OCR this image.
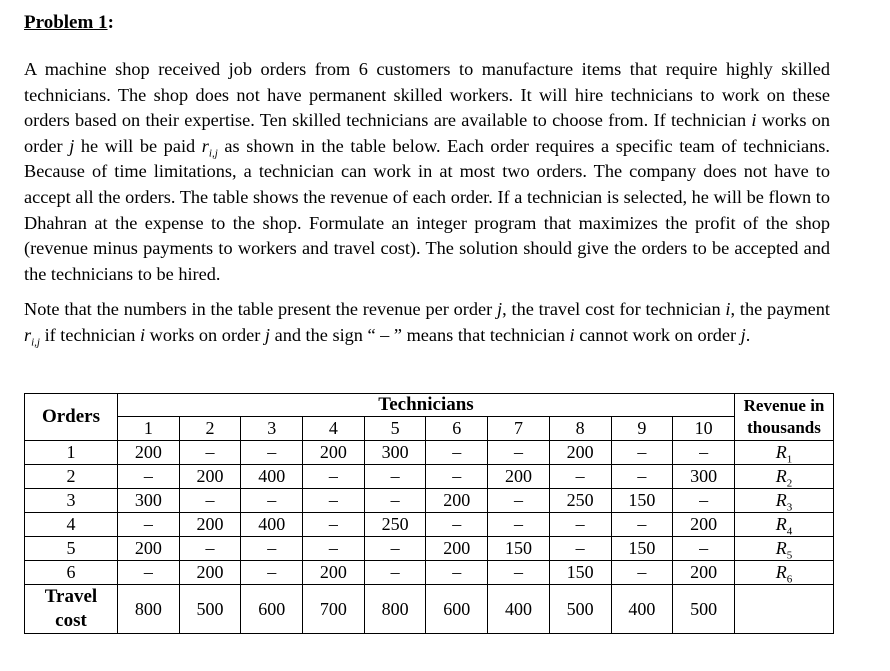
Problem 1:

A machine shop received job orders from 6 customers to manufacture items that require highly skilled technicians. The shop does not have permanent skilled workers. It will hire technicians to work on these orders based on their expertise. Ten skilled technicians are available to choose from. If technician i works on order j he will be paid $r_{i,j}$ as shown in the table below. Each order requires a specific team of technicians. Because of time limitations, a technician can work in at most two orders. The company does not have to accept all the orders. The table shows the revenue of each order. If a technician is selected, he will be flown to Dhahran at the expense to the shop. Formulate an integer program that maximizes the profit of the shop (revenue minus payments to workers and travel cost). The solution should give the orders to be accepted and the technicians to be hired.

Note that the numbers in the table present the revenue per order j, the travel cost for technician i, the payment $r_{i,j}$ if technician i works on order j and the sign “ – ” means that technician i cannot work on order j.

Orders	Technicians										Revenue in
thousands
	1	2	3	4	5	6	7	8	9	10	
1	200	–	–	200	300	–	–	200	–	–	$R_1$
2	–	200	400	–	–	–	200	–	–	300	$R_2$
3	300	–	–	–	–	200	–	250	150	–	$R_3$
4	–	200	400	–	250	–	–	–	–	200	$R_4$
5	200	–	–	–	–	200	150	–	150	–	$R_5$
6	–	200	–	200	–	–	–	150	–	200	$R_6$
Travel
cost	800	500	600	700	800	600	400	500	400	500	
